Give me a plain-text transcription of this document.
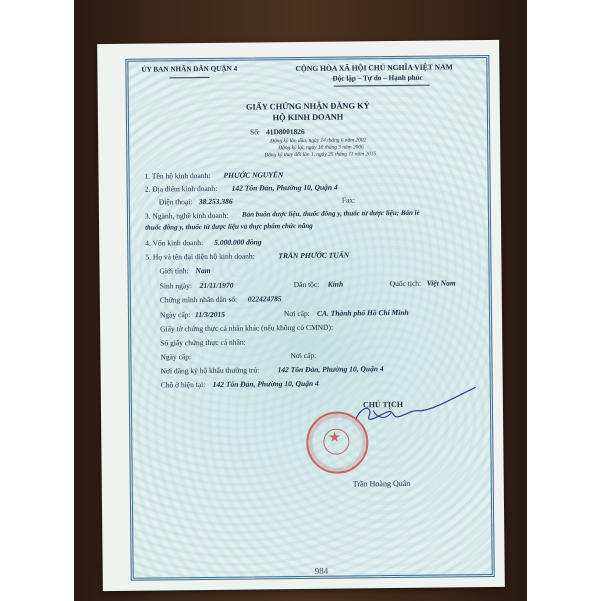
ỦY BAN NHÂN DÂN QUẬN 4	CỘNG HÒA XÃ HỘI CHỦ NGHĨA VIỆT NAM
Độc lập – Tự do – Hạnh phúc
GIẤY CHỨNG NHẬN ĐĂNG KÝ
HỘ KINH DOANH
Số: 41D8001826
Đăng ký lần đầu, ngày 14 tháng 6 năm 2002
Đăng ký lại, ngày 10 tháng 3 năm 2006
Đăng ký thay đổi lần 1, ngày 25 tháng 11 năm 2015
1. Tên hộ kinh doanh: PHƯỚC NGUYÊN
2. Địa điểm kinh doanh: 142 Tôn Đản, Phường 10, Quận 4
Điện thoại: 38.253.386	Fax:
3. Ngành, nghề kinh doanh: Bán buôn dược liệu, thuốc đông y, thuốc từ dược liệu; Bán lẻ
thuốc đông y, thuốc từ dược liệu và thực phẩm chức năng
4. Vốn kinh doanh: 5.000.000 đồng
5. Họ và tên đại diện hộ kinh doanh:	TRẦN PHƯỚC TUẤN
Giới tính: Nam
Sinh ngày: 21/11/1970	Dân tộc: Kinh	Quốc tịch: Việt Nam
Chứng minh nhân dân số: 022424785
Ngày cấp: 11/3/2015	Nơi cấp: CA. Thành phố Hồ Chí Minh
Giấy tờ chứng thực cá nhân khác (nếu không có CMND):
Số giấy chứng thực cá nhân:
Ngày cấp:	Nơi cấp:
Nơi đăng ký hộ khẩu thường trú: 142 Tôn Đản, Phường 10, Quận 4
Chỗ ở hiện tại: 142 Tôn Đản, Phường 10, Quận 4
CHỦ TỊCH
★
Trần Hoàng Quân
984
